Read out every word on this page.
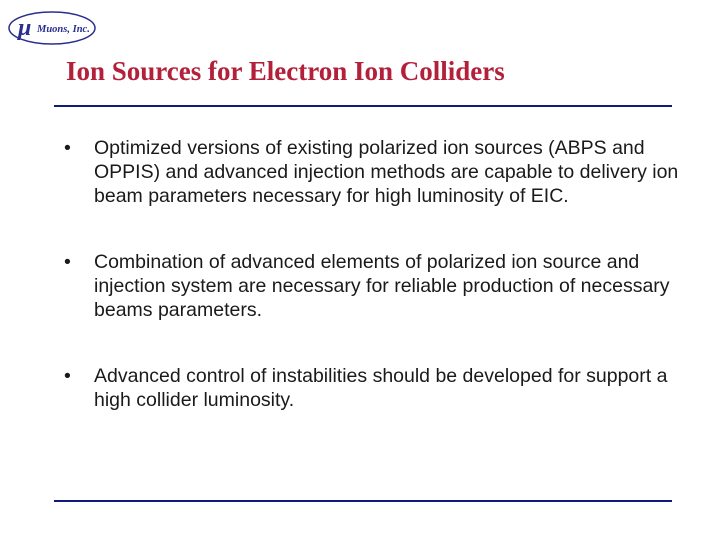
μ Muons, Inc.
Ion Sources for Electron Ion Colliders
•	Optimized versions of existing polarized ion sources (ABPS and OPPIS) and advanced injection methods are capable to delivery ion beam parameters necessary for high luminosity of EIC.
•	Combination of advanced elements of polarized ion source and injection system are necessary for reliable production of necessary beams parameters.
•	Advanced control of instabilities should be developed for support a high collider luminosity.
